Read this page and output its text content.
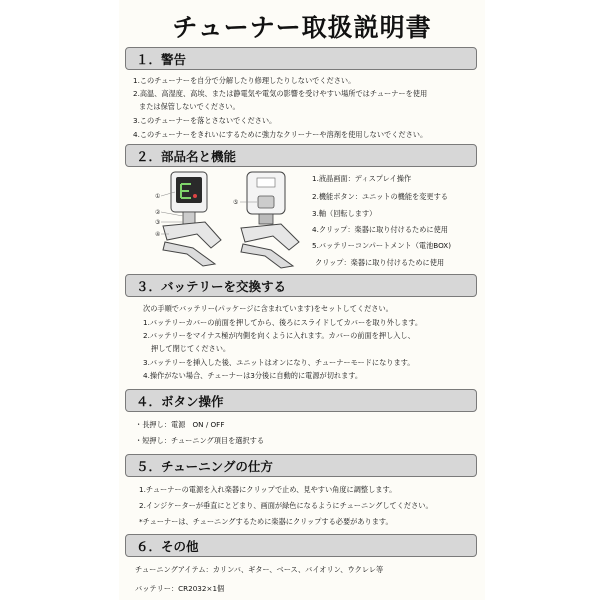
チューナー取扱説明書
１．警告
1.このチューナーを自分で分解したり修理したりしないでください。
2.高温、高湿度、高埃、または静電気や電気の影響を受けやすい場所ではチューナーを使用
または保管しないでください。
3.このチューナーを落とさないでください。
4.このチューナーをきれいにするために強力なクリーナーや溶剤を使用しないでください。
２．部品名と機能
①
②
③
④
⑤
1.液晶画面：ディスプレイ操作
2.機能ボタン：ユニットの機能を変更する
3.軸（回転します）
4.クリップ：楽器に取り付けるために使用
5.バッテリーコンパートメント（電池BOX)
クリップ：楽器に取り付けるために使用
３．バッテリーを交換する
次の手順でバッテリー(パッケージに含まれています)をセットしてください。
1.バッテリーカバーの前面を押してから、後ろにスライドしてカバーを取り外します。
2.バッテリーをマイナス極が内側を向くように入れます。カバーの前面を押し入し、
押して閉じてください。
3.バッテリーを挿入した後、ユニットはオンになり、チューナーモードになります。
4.操作がない場合、チューナーは3分後に自動的に電源が切れます。
４．ボタン操作
・長押し：電源　ON / OFF
・短押し：チューニング項目を選択する
５．チューニングの仕方
1.チューナーの電源を入れ楽器にクリップで止め、見やすい角度に調整します。
2.インジケーターが垂直にとどまり、画面が緑色になるようにチューニングしてください。
*チューナーは、チューニングするために楽器にクリップする必要があります。
６．その他
チューニングアイテム：カリンバ、ギター、ベース、バイオリン、ウクレレ等
バッテリー：CR2032×1個
